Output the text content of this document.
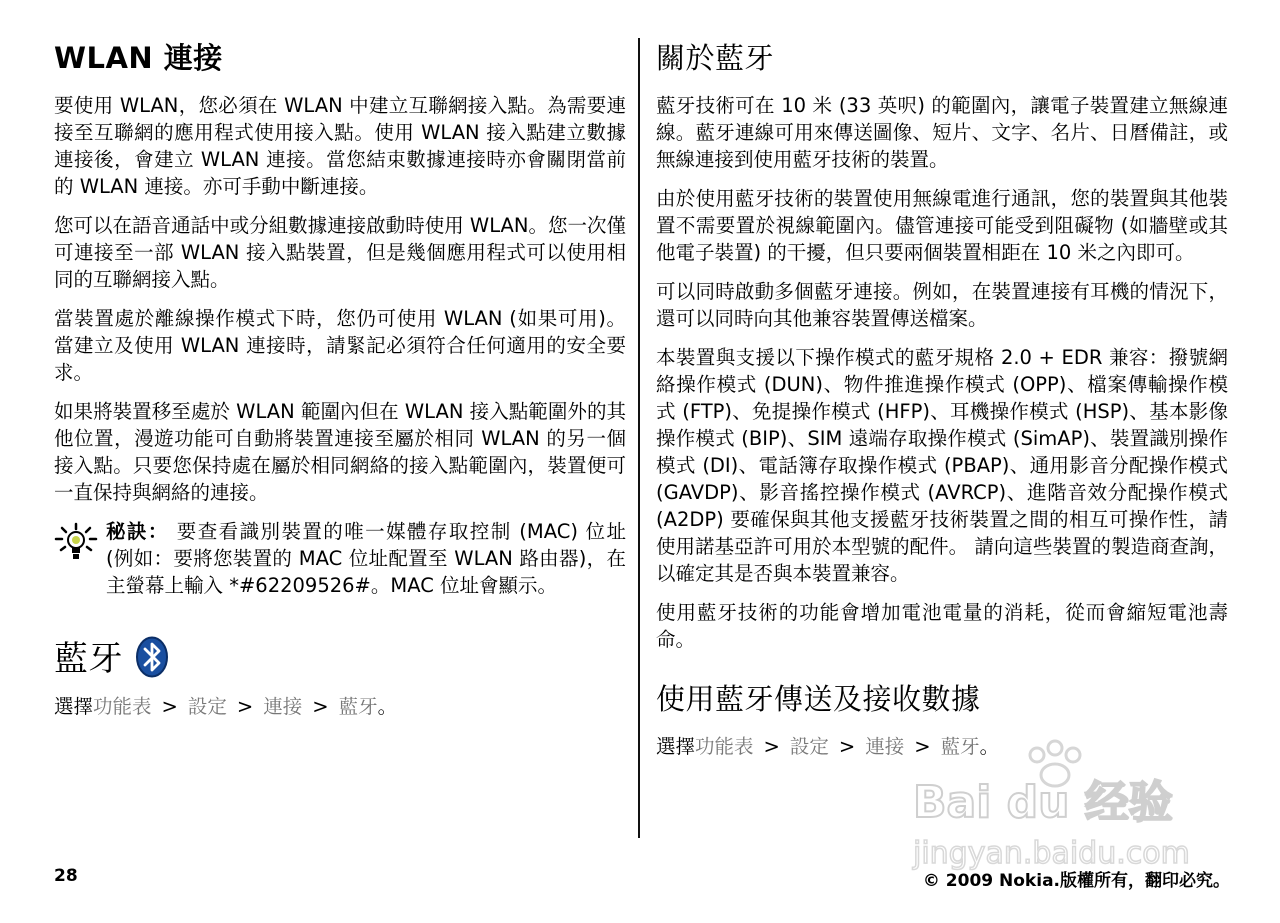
WLAN 連接

要使用 WLAN，您必須在 WLAN 中建立互聯網接入點。為需要連接至互聯網的應用程式使用接入點。使用 WLAN 接入點建立數據連接後，會建立 WLAN 連接。當您結束數據連接時亦會關閉當前的 WLAN 連接。亦可手動中斷連接。

您可以在語音通話中或分組數據連接啟動時使用 WLAN。您一次僅可連接至一部 WLAN 接入點裝置，但是幾個應用程式可以使用相同的互聯網接入點。

當裝置處於離線操作模式下時，您仍可使用 WLAN (如果可用)。當建立及使用 WLAN 連接時，請緊記必須符合任何適用的安全要求。

如果將裝置移至處於 WLAN 範圍內但在 WLAN 接入點範圍外的其他位置，漫遊功能可自動將裝置連接至屬於相同 WLAN 的另一個接入點。只要您保持處在屬於相同網絡的接入點範圍內，裝置便可一直保持與網絡的連接。

秘訣： 要查看識別裝置的唯一媒體存取控制 (MAC) 位址 (例如：要將您裝置的 MAC 位址配置至 WLAN 路由器)，在主螢幕上輸入 *#62209526#。MAC 位址會顯示。

藍牙
選擇功能表 > 設定 > 連接 > 藍牙。
關於藍牙

藍牙技術可在 10 米 (33 英呎) 的範圍內，讓電子裝置建立無線連線。藍牙連線可用來傳送圖像、短片、文字、名片、日曆備註，或無線連接到使用藍牙技術的裝置。

由於使用藍牙技術的裝置使用無線電進行通訊，您的裝置與其他裝置不需要置於視線範圍內。儘管連接可能受到阻礙物 (如牆壁或其他電子裝置) 的干擾，但只要兩個裝置相距在 10 米之內即可。

可以同時啟動多個藍牙連接。例如，在裝置連接有耳機的情況下，還可以同時向其他兼容裝置傳送檔案。

本裝置與支援以下操作模式的藍牙規格 2.0 + EDR 兼容：撥號網絡操作模式 (DUN)、物件推進操作模式 (OPP)、檔案傳輸操作模式 (FTP)、免提操作模式 (HFP)、耳機操作模式 (HSP)、基本影像操作模式 (BIP)、SIM 遠端存取操作模式 (SimAP)、裝置識別操作模式 (DI)、電話簿存取操作模式 (PBAP)、通用影音分配操作模式 (GAVDP)、影音搖控操作模式 (AVRCP)、進階音效分配操作模式 (A2DP) 要確保與其他支援藍牙技術裝置之間的相互可操作性，請使用諾基亞許可用於本型號的配件。 請向這些裝置的製造商查詢，以確定其是否與本裝置兼容。

使用藍牙技術的功能會增加電池電量的消耗，從而會縮短電池壽命。

使用藍牙傳送及接收數據
選擇功能表 > 設定 > 連接 > 藍牙。
Bai du 经验
jingyan.baidu.com
28	© 2009 Nokia.版權所有，翻印必究。
